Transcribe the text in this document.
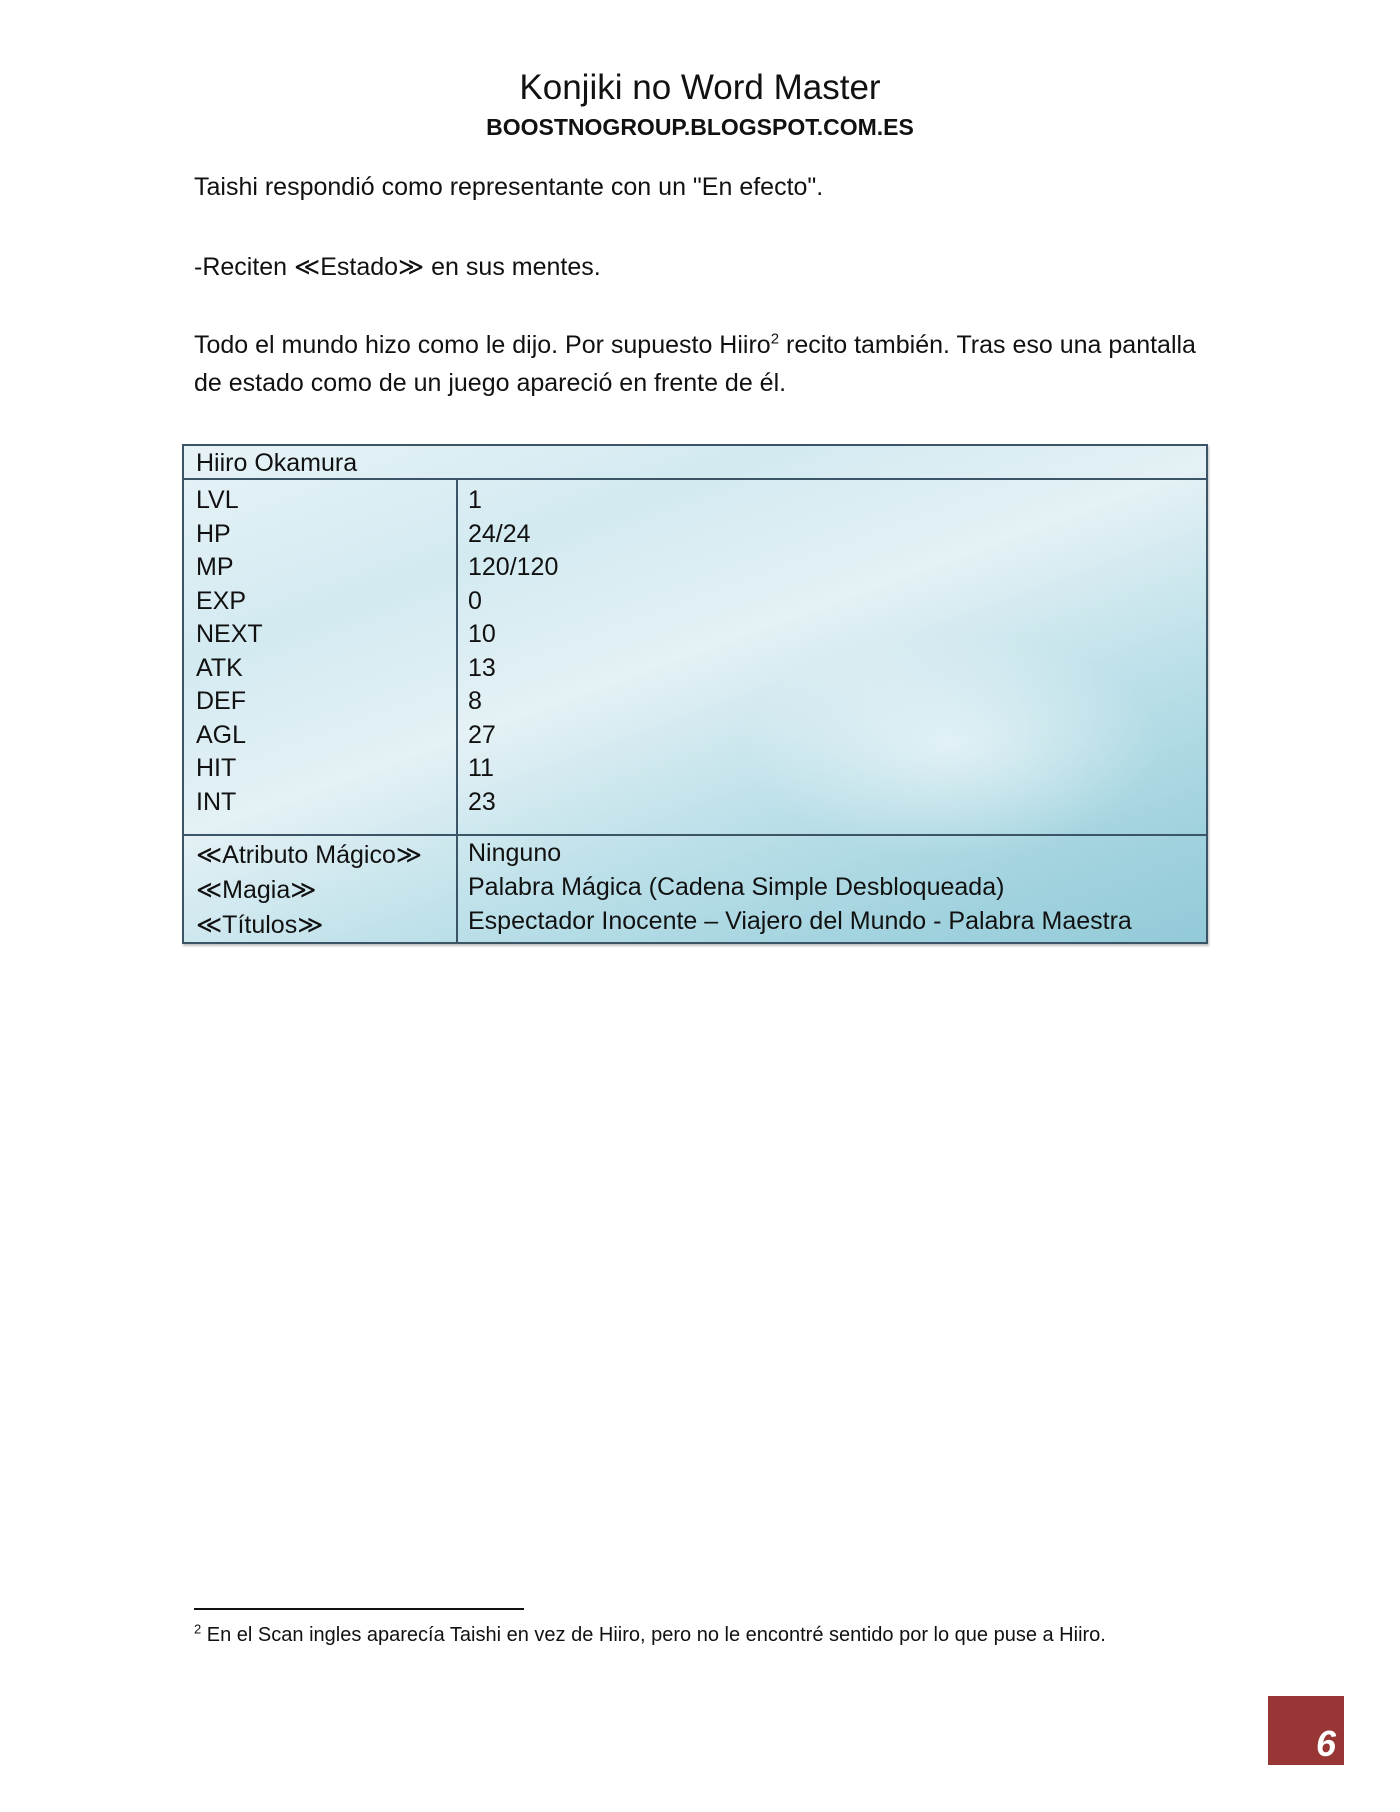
Konjiki no Word Master
BOOSTNOGROUP.BLOGSPOT.COM.ES
Taishi respondió como representante con un "En efecto".
-Reciten ≪Estado≫ en sus mentes.
Todo el mundo hizo como le dijo. Por supuesto Hiiro$^2$ recito también. Tras eso una pantalla de estado como de un juego apareció en frente de él.
Hiiro Okamura
LVL
HP
MP
EXP
NEXT
ATK
DEF
AGL
HIT
INT
1
24/24
120/120
0
10
13
8
27
11
23
≪Atributo Mágico≫
≪Magia≫
≪Títulos≫
Ninguno
Palabra Mágica (Cadena Simple Desbloqueada)
Espectador Inocente – Viajero del Mundo - Palabra Maestra
$^2$ En el Scan ingles aparecía Taishi en vez de Hiiro, pero no le encontré sentido por lo que puse a Hiiro.
6
